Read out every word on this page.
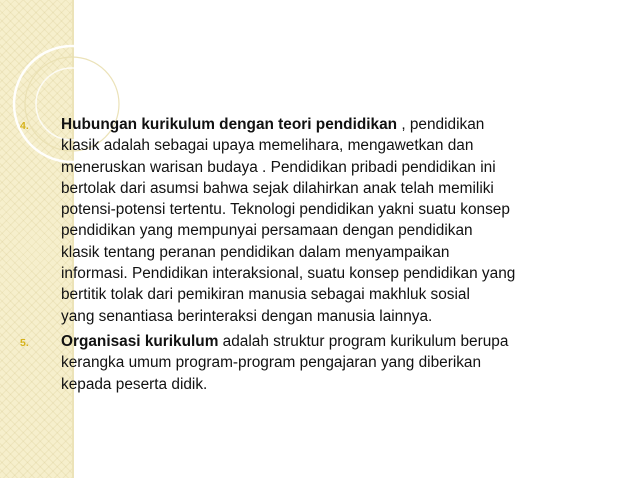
4.	Hubungan kurikulum dengan teori pendidikan , pendidikan
klasik adalah sebagai upaya memelihara, mengawetkan dan
meneruskan warisan budaya . Pendidikan pribadi pendidikan ini
bertolak dari asumsi bahwa sejak dilahirkan anak telah memiliki
potensi-potensi tertentu. Teknologi pendidikan yakni suatu konsep
pendidikan yang mempunyai persamaan dengan pendidikan
klasik tentang peranan pendidikan dalam menyampaikan
informasi. Pendidikan interaksional, suatu konsep pendidikan yang
bertitik tolak dari pemikiran manusia sebagai makhluk sosial
yang senantiasa berinteraksi dengan manusia lainnya.
5.	Organisasi kurikulum adalah struktur program kurikulum berupa
kerangka umum program-program pengajaran yang diberikan
kepada peserta didik.
